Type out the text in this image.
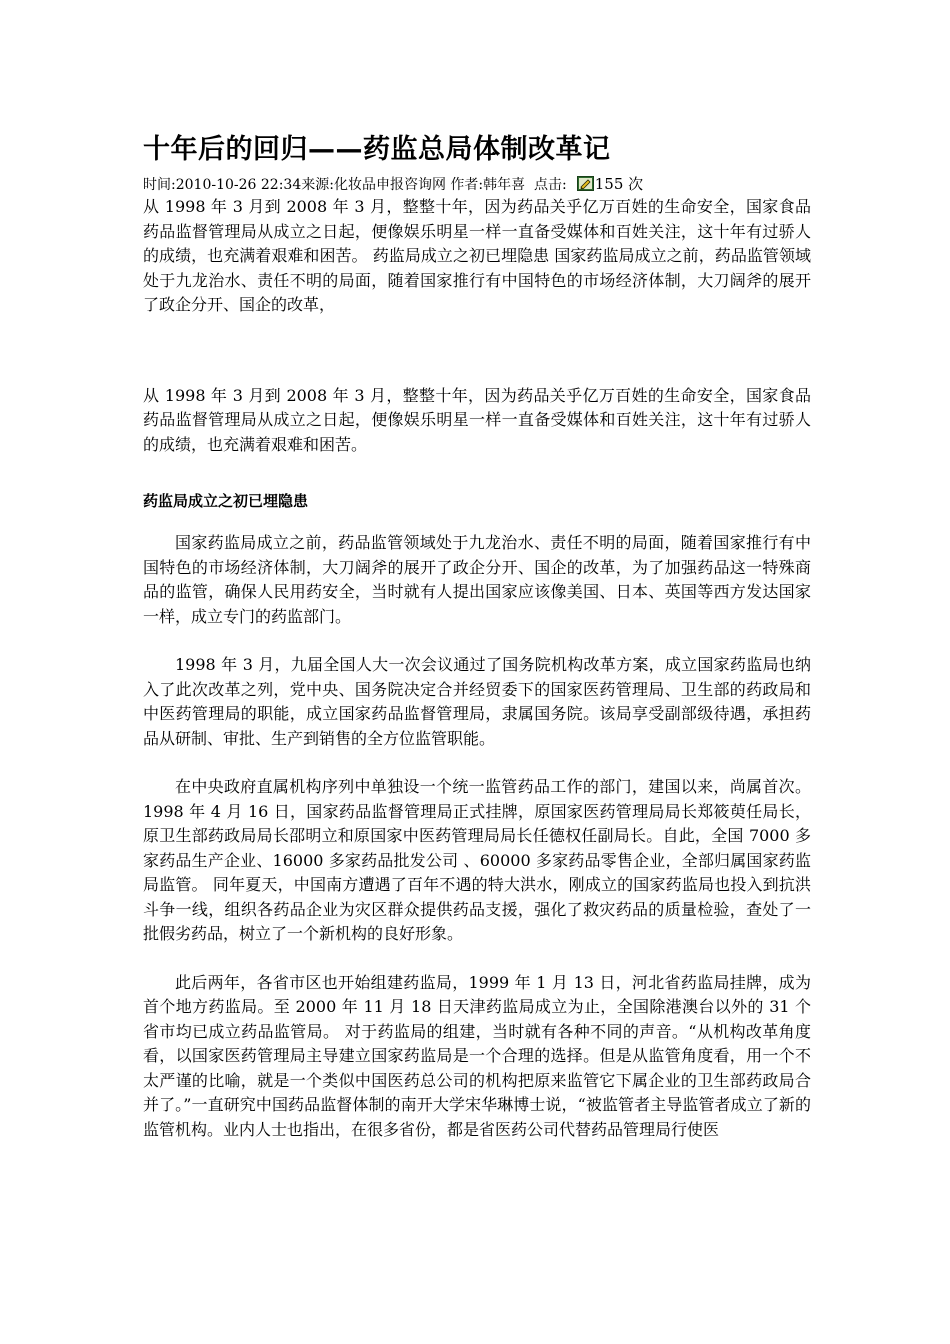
十年后的回归——药监总局体制改革记
时间:2010-10-26 22:34来源:化妆品申报咨询网 作者:韩年喜 点击: 155 次

从 1998 年 3 月到 2008 年 3 月，整整十年，因为药品关乎亿万百姓的生命安全，国家食品药品监督管理局从成立之日起，便像娱乐明星一样一直备受媒体和百姓关注，这十年有过骄人的成绩，也充满着艰难和困苦。 药监局成立之初已埋隐患 国家药监局成立之前，药品监管领域处于九龙治水、责任不明的局面，随着国家推行有中国特色的市场经济体制，大刀阔斧的展开了政企分开、国企的改革，

从 1998 年 3 月到 2008 年 3 月，整整十年，因为药品关乎亿万百姓的生命安全，国家食品药品监督管理局从成立之日起，便像娱乐明星一样一直备受媒体和百姓关注，这十年有过骄人的成绩，也充满着艰难和困苦。

药监局成立之初已埋隐患

国家药监局成立之前，药品监管领域处于九龙治水、责任不明的局面，随着国家推行有中国特色的市场经济体制，大刀阔斧的展开了政企分开、国企的改革，为了加强药品这一特殊商品的监管，确保人民用药安全，当时就有人提出国家应该像美国、日本、英国等西方发达国家一样，成立专门的药监部门。

1998 年 3 月，九届全国人大一次会议通过了国务院机构改革方案，成立国家药监局也纳入了此次改革之列，党中央、国务院决定合并经贸委下的国家医药管理局、卫生部的药政局和中医药管理局的职能，成立国家药品监督管理局，隶属国务院。该局享受副部级待遇，承担药品从研制、审批、生产到销售的全方位监管职能。

在中央政府直属机构序列中单独设一个统一监管药品工作的部门，建国以来，尚属首次。 1998 年 4 月 16 日，国家药品监督管理局正式挂牌，原国家医药管理局局长郑筱萸任局长，原卫生部药政局局长邵明立和原国家中医药管理局局长任德权任副局长。自此，全国 7000 多家药品生产企业、16000 多家药品批发公司 、60000 多家药品零售企业，全部归属国家药监局监管。 同年夏天，中国南方遭遇了百年不遇的特大洪水，刚成立的国家药监局也投入到抗洪斗争一线，组织各药品企业为灾区群众提供药品支援，强化了救灾药品的质量检验，查处了一批假劣药品，树立了一个新机构的良好形象。

此后两年，各省市区也开始组建药监局，1999 年 1 月 13 日，河北省药监局挂牌，成为首个地方药监局。至 2000 年 11 月 18 日天津药监局成立为止，全国除港澳台以外的 31 个省市均已成立药品监管局。 对于药监局的组建，当时就有各种不同的声音。“从机构改革角度看，以国家医药管理局主导建立国家药监局是一个合理的选择。但是从监管角度看，用一个不太严谨的比喻，就是一个类似中国医药总公司的机构把原来监管它下属企业的卫生部药政局合并了。”一直研究中国药品监督体制的南开大学宋华琳博士说，“被监管者主导监管者成立了新的监管机构。业内人士也指出，在很多省份，都是省医药公司代替药品管理局行使医
